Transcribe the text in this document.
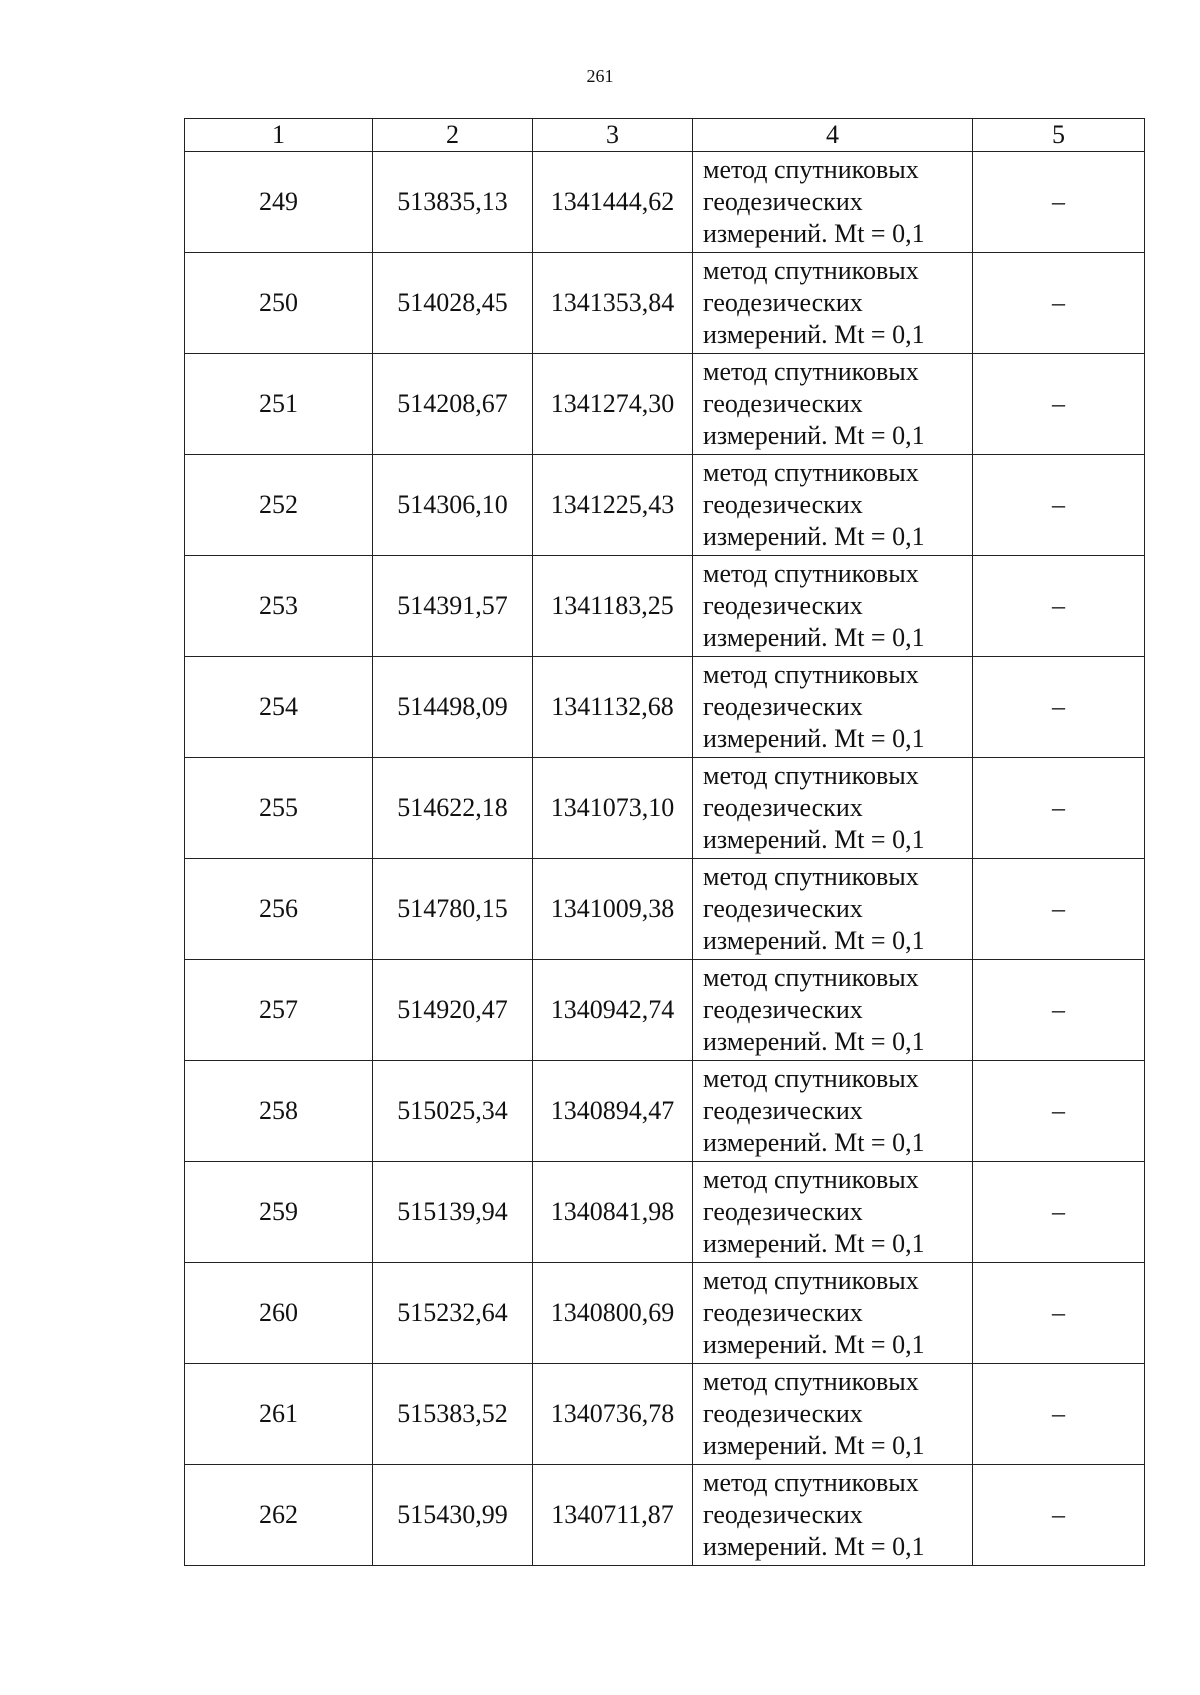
261
1	2	3	4	5
249	513835,13	1341444,62	метод спутниковых
геодезических
измерений. Mt = 0,1	–
250	514028,45	1341353,84	метод спутниковых
геодезических
измерений. Mt = 0,1	–
251	514208,67	1341274,30	метод спутниковых
геодезических
измерений. Mt = 0,1	–
252	514306,10	1341225,43	метод спутниковых
геодезических
измерений. Mt = 0,1	–
253	514391,57	1341183,25	метод спутниковых
геодезических
измерений. Mt = 0,1	–
254	514498,09	1341132,68	метод спутниковых
геодезических
измерений. Mt = 0,1	–
255	514622,18	1341073,10	метод спутниковых
геодезических
измерений. Mt = 0,1	–
256	514780,15	1341009,38	метод спутниковых
геодезических
измерений. Mt = 0,1	–
257	514920,47	1340942,74	метод спутниковых
геодезических
измерений. Mt = 0,1	–
258	515025,34	1340894,47	метод спутниковых
геодезических
измерений. Mt = 0,1	–
259	515139,94	1340841,98	метод спутниковых
геодезических
измерений. Mt = 0,1	–
260	515232,64	1340800,69	метод спутниковых
геодезических
измерений. Mt = 0,1	–
261	515383,52	1340736,78	метод спутниковых
геодезических
измерений. Mt = 0,1	–
262	515430,99	1340711,87	метод спутниковых
геодезических
измерений. Mt = 0,1	–
